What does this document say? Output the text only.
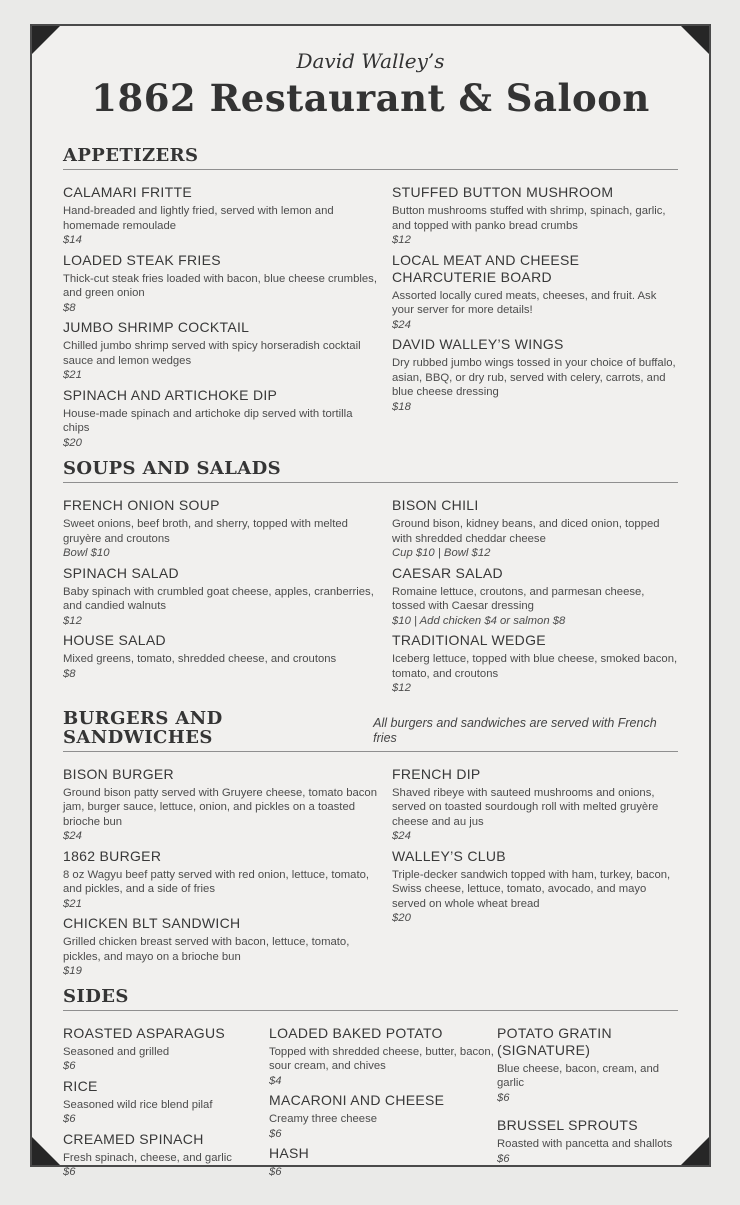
David Walley’s
1862 Restaurant & Saloon
APPETIZERS
CALAMARI FRITTE
Hand-breaded and lightly fried, served with lemon and homemade remoulade
$14
LOADED STEAK FRIES
Thick-cut steak fries loaded with bacon, blue cheese crumbles, and green onion
$8
JUMBO SHRIMP COCKTAIL
Chilled jumbo shrimp served with spicy horseradish cocktail sauce and lemon wedges
$21
SPINACH AND ARTICHOKE DIP
House-made spinach and artichoke dip served with tortilla chips
$20
STUFFED BUTTON MUSHROOM
Button mushrooms stuffed with shrimp, spinach, garlic, and topped with panko bread crumbs
$12
LOCAL MEAT AND CHEESE CHARCUTERIE BOARD
Assorted locally cured meats, cheeses, and fruit. Ask your server for more details!
$24
DAVID WALLEY’S WINGS
Dry rubbed jumbo wings tossed in your choice of buffalo, asian, BBQ, or dry rub, served with celery, carrots, and blue cheese dressing
$18
SOUPS AND SALADS
FRENCH ONION SOUP
Sweet onions, beef broth, and sherry, topped with melted gruyère and croutons
Bowl $10
SPINACH SALAD
Baby spinach with crumbled goat cheese, apples, cranberries, and candied walnuts
$12
HOUSE SALAD
Mixed greens, tomato, shredded cheese, and croutons
$8
BISON CHILI
Ground bison, kidney beans, and diced onion, topped with shredded cheddar cheese
Cup $10 | Bowl $12
CAESAR SALAD
Romaine lettuce, croutons, and parmesan cheese, tossed with Caesar dressing
$10 | Add chicken $4 or salmon $8
TRADITIONAL WEDGE
Iceberg lettuce, topped with blue cheese, smoked bacon, tomato, and croutons
$12
BURGERS AND SANDWICHES
All burgers and sandwiches are served with French fries
BISON BURGER
Ground bison patty served with Gruyere cheese, tomato bacon jam, burger sauce, lettuce, onion, and pickles on a toasted brioche bun
$24
1862 BURGER
8 oz Wagyu beef patty served with red onion, lettuce, tomato, and pickles, and a side of fries
$21
CHICKEN BLT SANDWICH
Grilled chicken breast served with bacon, lettuce, tomato, pickles, and mayo on a brioche bun
$19
FRENCH DIP
Shaved ribeye with sauteed mushrooms and onions, served on toasted sourdough roll with melted gruyère cheese and au jus
$24
WALLEY’S CLUB
Triple-decker sandwich topped with ham, turkey, bacon, Swiss cheese, lettuce, tomato, avocado, and mayo served on whole wheat bread
$20
SIDES
ROASTED ASPARAGUS
Seasoned and grilled
$6
RICE
Seasoned wild rice blend pilaf
$6
CREAMED SPINACH
Fresh spinach, cheese, and garlic
$6
LOADED BAKED POTATO
Topped with shredded cheese, butter, bacon, sour cream, and chives
$4
MACARONI AND CHEESE
Creamy three cheese
$6
HASH
$6
POTATO GRATIN (SIGNATURE)
Blue cheese, bacon, cream, and garlic
$6
BRUSSEL SPROUTS
Roasted with pancetta and shallots
$6
